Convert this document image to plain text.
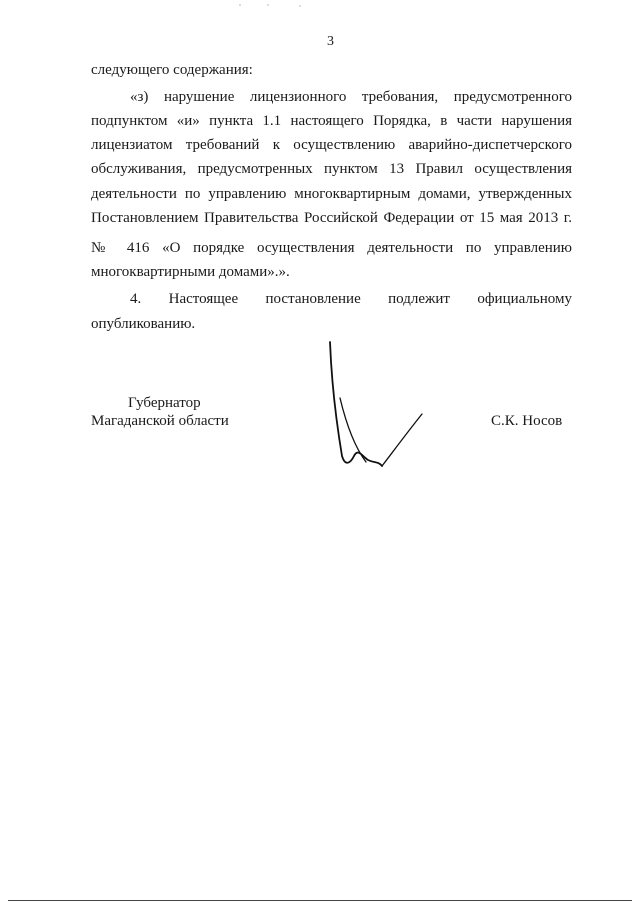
3
следующего содержания:
«з) нарушение лицензионного требования, предусмотренного
подпунктом «и» пункта 1.1 настоящего Порядка, в части нарушения
лицензиатом требований к осуществлению аварийно-диспетчерского
обслуживания, предусмотренных пунктом 13 Правил осуществления
деятельности по управлению многоквартирным домами, утвержденных
Постановлением Правительства Российской Федерации от 15 мая 2013 г.
№ 416 «О порядке осуществления деятельности по управлению
многоквартирными домами».».
4. Настоящее постановление подлежит официальному
опубликованию.
Губернатор
Магаданской области	С.К. Носов
